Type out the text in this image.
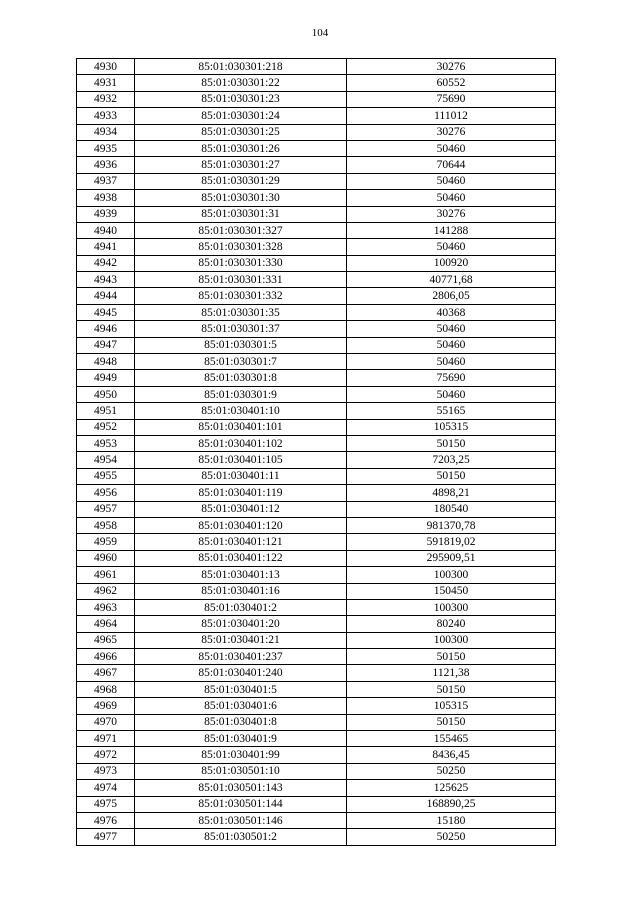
104
4930	85:01:030301:218	30276
4931	85:01:030301:22	60552
4932	85:01:030301:23	75690
4933	85:01:030301:24	111012
4934	85:01:030301:25	30276
4935	85:01:030301:26	50460
4936	85:01:030301:27	70644
4937	85:01:030301:29	50460
4938	85:01:030301:30	50460
4939	85:01:030301:31	30276
4940	85:01:030301:327	141288
4941	85:01:030301:328	50460
4942	85:01:030301:330	100920
4943	85:01:030301:331	40771,68
4944	85:01:030301:332	2806,05
4945	85:01:030301:35	40368
4946	85:01:030301:37	50460
4947	85:01:030301:5	50460
4948	85:01:030301:7	50460
4949	85:01:030301:8	75690
4950	85:01:030301:9	50460
4951	85:01:030401:10	55165
4952	85:01:030401:101	105315
4953	85:01:030401:102	50150
4954	85:01:030401:105	7203,25
4955	85:01:030401:11	50150
4956	85:01:030401:119	4898,21
4957	85:01:030401:12	180540
4958	85:01:030401:120	981370,78
4959	85:01:030401:121	591819,02
4960	85:01:030401:122	295909,51
4961	85:01:030401:13	100300
4962	85:01:030401:16	150450
4963	85:01:030401:2	100300
4964	85:01:030401:20	80240
4965	85:01:030401:21	100300
4966	85:01:030401:237	50150
4967	85:01:030401:240	1121,38
4968	85:01:030401:5	50150
4969	85:01:030401:6	105315
4970	85:01:030401:8	50150
4971	85:01:030401:9	155465
4972	85:01:030401:99	8436,45
4973	85:01:030501:10	50250
4974	85:01:030501:143	125625
4975	85:01:030501:144	168890,25
4976	85:01:030501:146	15180
4977	85:01:030501:2	50250
